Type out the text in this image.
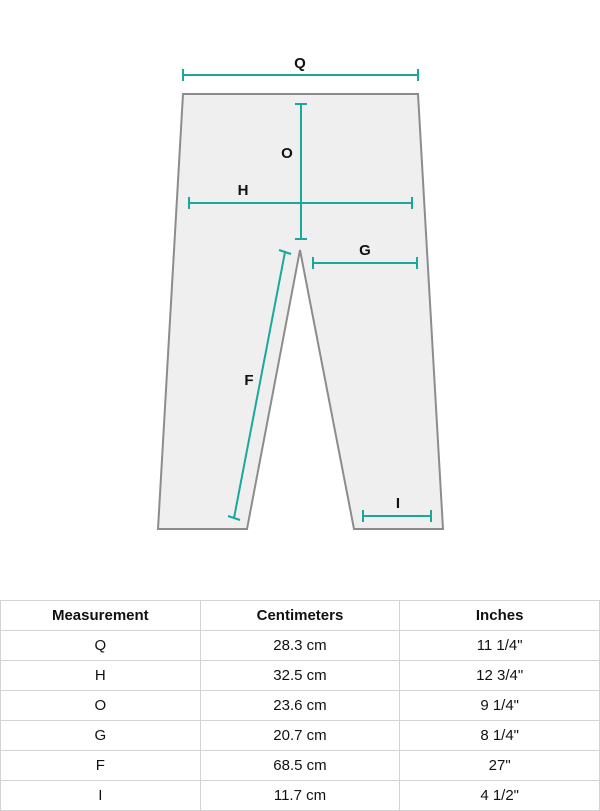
Q
O
H
G
F
I
Measurement	Centimeters	Inches
Q	28.3 cm	11 1/4"
H	32.5 cm	12 3/4"
O	23.6 cm	9 1/4"
G	20.7 cm	8 1/4"
F	68.5 cm	27"
I	11.7 cm	4 1/2"
